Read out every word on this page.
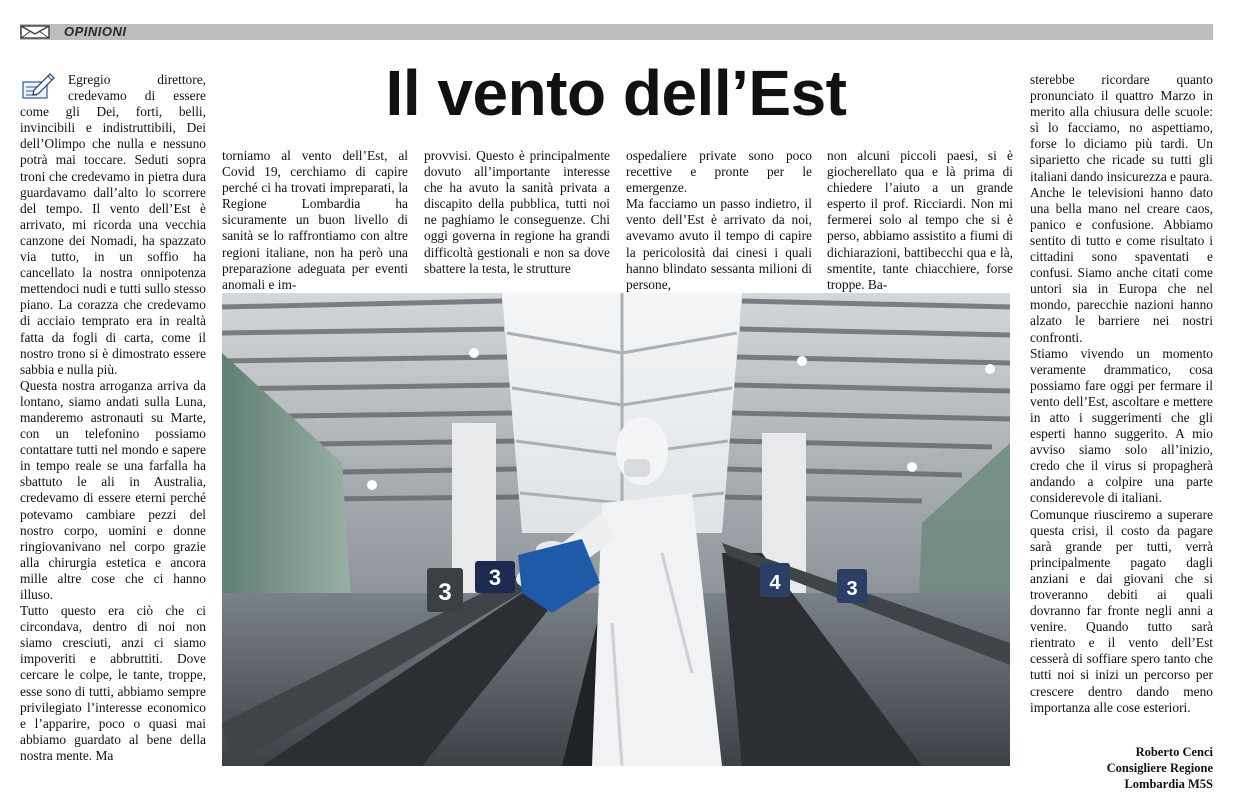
OPINIONI
Il vento dell’Est

Egregio direttore, credevamo di essere come gli Dei, forti, belli, invincibili e indistruttibili, Dei dell’Olimpo che nulla e nessuno potrà mai toccare. Seduti sopra troni che credevamo in pietra dura guardavamo dall’alto lo scorrere del tempo. Il vento dell’Est è arrivato, mi ricorda una vecchia canzone dei Nomadi, ha spazzato via tutto, in un soffio ha cancellato la nostra onnipotenza mettendoci nudi e tutti sullo stesso piano. La corazza che credevamo di acciaio temprato era in realtà fatta da fogli di carta, come il nostro trono si è dimostrato essere sabbia e nulla più.

Questa nostra arroganza arriva da lontano, siamo andati sulla Luna, manderemo astronauti su Marte, con un telefonino possiamo contattare tutti nel mondo e sapere in tempo reale se una farfalla ha sbattuto le ali in Australia, credevamo di essere eterni perché potevamo cambiare pezzi del nostro corpo, uomini e donne ringiovanivano nel corpo grazie alla chirurgia estetica e ancora mille altre cose che ci hanno illuso.

Tutto questo era ciò che ci circondava, dentro di noi non siamo cresciuti, anzi ci siamo impoveriti e abbruttiti. Dove cercare le colpe, le tante, troppe, esse sono di tutti, abbiamo sempre privilegiato l’interesse economico e l’apparire, poco o quasi mai abbiamo guardato al bene della nostra mente. Ma

torniamo al vento dell’Est, al Covid 19, cerchiamo di capire perché ci ha trovati impreparati, la Regione Lombardia ha sicuramente un buon livello di sanità se lo raffrontiamo con altre regioni italiane, non ha però una preparazione adeguata per eventi anomali e im-

provvisi. Questo è principalmente dovuto all’importante interesse che ha avuto la sanità privata a discapito della pubblica, tutti noi ne paghiamo le conseguenze. Chi oggi governa in regione ha grandi difficoltà gestionali e non sa dove sbattere la testa, le strutture

ospedaliere private sono poco recettive e pronte per le emergenze.

Ma facciamo un passo indietro, il vento dell’Est è arrivato da noi, avevamo avuto il tempo di capire la pericolosità dai cinesi i quali hanno blindato sessanta milioni di persone,

non alcuni piccoli paesi, si è giocherellato qua e là prima di chiedere l’aiuto a un grande esperto il prof. Ricciardi. Non mi fermerei solo al tempo che si è perso, abbiamo assistito a fiumi di dichiarazioni, battibecchi qua e là, smentite, tante chiacchiere, forse troppe. Ba-

sterebbe ricordare quanto pronunciato il quattro Marzo in merito alla chiusura delle scuole: sì lo facciamo, no aspettiamo, forse lo diciamo più tardi. Un siparietto che ricade su tutti gli italiani dando insicurezza e paura.

Anche le televisioni hanno dato una bella mano nel creare caos, panico e confusione. Abbiamo sentito di tutto e come risultato i cittadini sono spaventati e confusi. Siamo anche citati come untori sia in Europa che nel mondo, parecchie nazioni hanno alzato le barriere nei nostri confronti.

Stiamo vivendo un momento veramente drammatico, cosa possiamo fare oggi per fermare il vento dell’Est, ascoltare e mettere in atto i suggerimenti che gli esperti hanno suggerito. A mio avviso siamo solo all’inizio, credo che il virus si propagherà andando a colpire una parte considerevole di italiani.

Comunque riusciremo a superare questa crisi, il costo da pagare sarà grande per tutti, verrà principalmente pagato dagli anziani e dai giovani che si troveranno debiti ai quali dovranno far fronte negli anni a venire. Quando tutto sarà rientrato e il vento dell’Est cesserà di soffiare spero tanto che tutti noi si inizi un percorso per crescere dentro dando meno importanza alle cose esteriori.

Roberto Cenci
Consigliere Regione
Lombardia M5S
3
3	4	3
